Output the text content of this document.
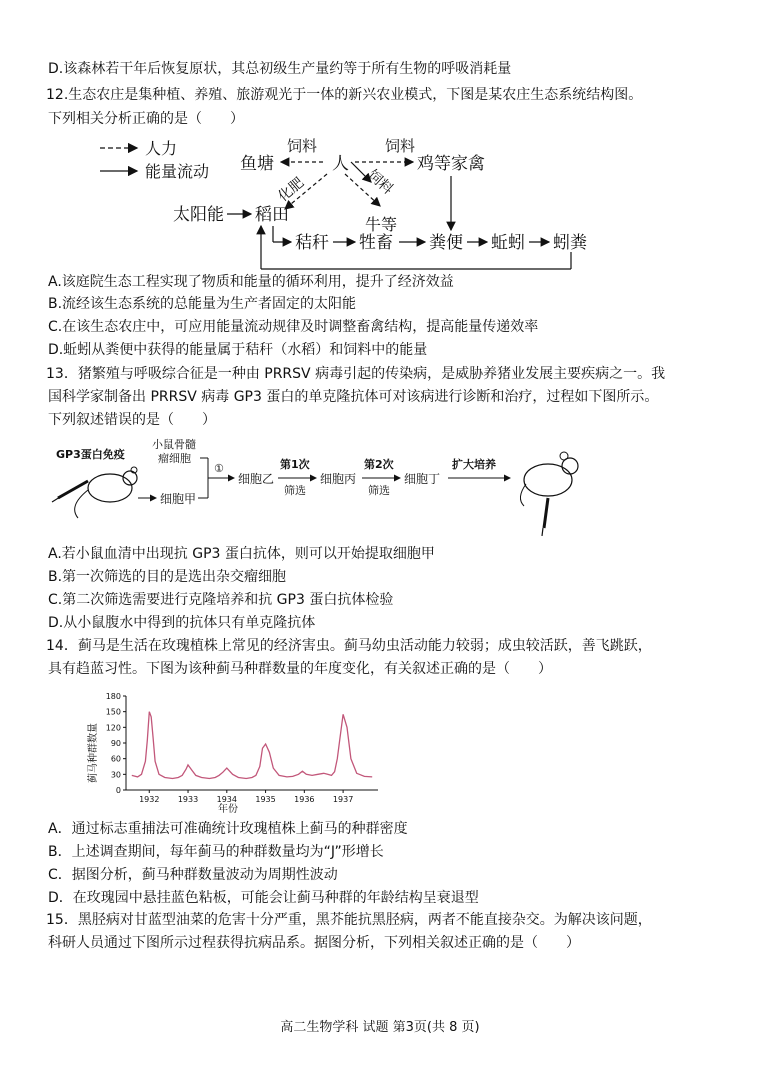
D.该森林若干年后恢复原状，其总初级生产量约等于所有生物的呼吸消耗量
12.生态农庄是集种植、养殖、旅游观光于一体的新兴农业模式，下图是某农庄生态系统结构图。
下列相关分析正确的是（　　）
人力
能量流动 鱼塘
饲料
人
饲料
鸡等家禽
化肥	饲料
太阳能 稻田	牛等
秸秆 牲畜 粪便 蚯蚓 蚓粪
A.该庭院生态工程实现了物质和能量的循环利用，提升了经济效益
B.流经该生态系统的总能量为生产者固定的太阳能
C.在该生态农庄中，可应用能量流动规律及时调整畜禽结构，提高能量传递效率
D.蚯蚓从粪便中获得的能量属于秸秆（水稻）和饲料中的能量
13．猪繁殖与呼吸综合征是一种由 PRRSV 病毒引起的传染病，是威胁养猪业发展主要疾病之一。我
国科学家制备出 PRRSV 病毒 GP3 蛋白的单克隆抗体可对该病进行诊断和治疗，过程如下图所示。
下列叙述错误的是（　　）
GP3蛋白免疫
小鼠骨髓
瘤细胞
细胞甲
①
细胞乙
第1次
筛选
细胞丙
第2次
筛选
细胞丁
扩大培养
A.若小鼠血清中出现抗 GP3 蛋白抗体，则可以开始提取细胞甲
B.第一次筛选的目的是选出杂交瘤细胞
C.第二次筛选需要进行克隆培养和抗 GP3 蛋白抗体检验
D.从小鼠腹水中得到的抗体只有单克隆抗体
14．蓟马是生活在玫瑰植株上常见的经济害虫。蓟马幼虫活动能力较弱；成虫较活跃，善飞跳跃，
具有趋蓝习性。下图为该种蓟马种群数量的年度变化，有关叙述正确的是（　　）
蓟马种群数量
年份
0
30
60
90
120
150
180
1932 1933 1934 1935 1936 1937
A．通过标志重捕法可准确统计玫瑰植株上蓟马的种群密度
B．上述调查期间，每年蓟马的种群数量均为“J”形增长
C．据图分析，蓟马种群数量波动为周期性波动
D．在玫瑰园中悬挂蓝色粘板，可能会让蓟马种群的年龄结构呈衰退型
15．黑胫病对甘蓝型油菜的危害十分严重，黑芥能抗黑胫病，两者不能直接杂交。为解决该问题，
科研人员通过下图所示过程获得抗病品系。据图分析，下列相关叙述正确的是（　　）
高二生物学科 试题 第3页(共 8 页)
